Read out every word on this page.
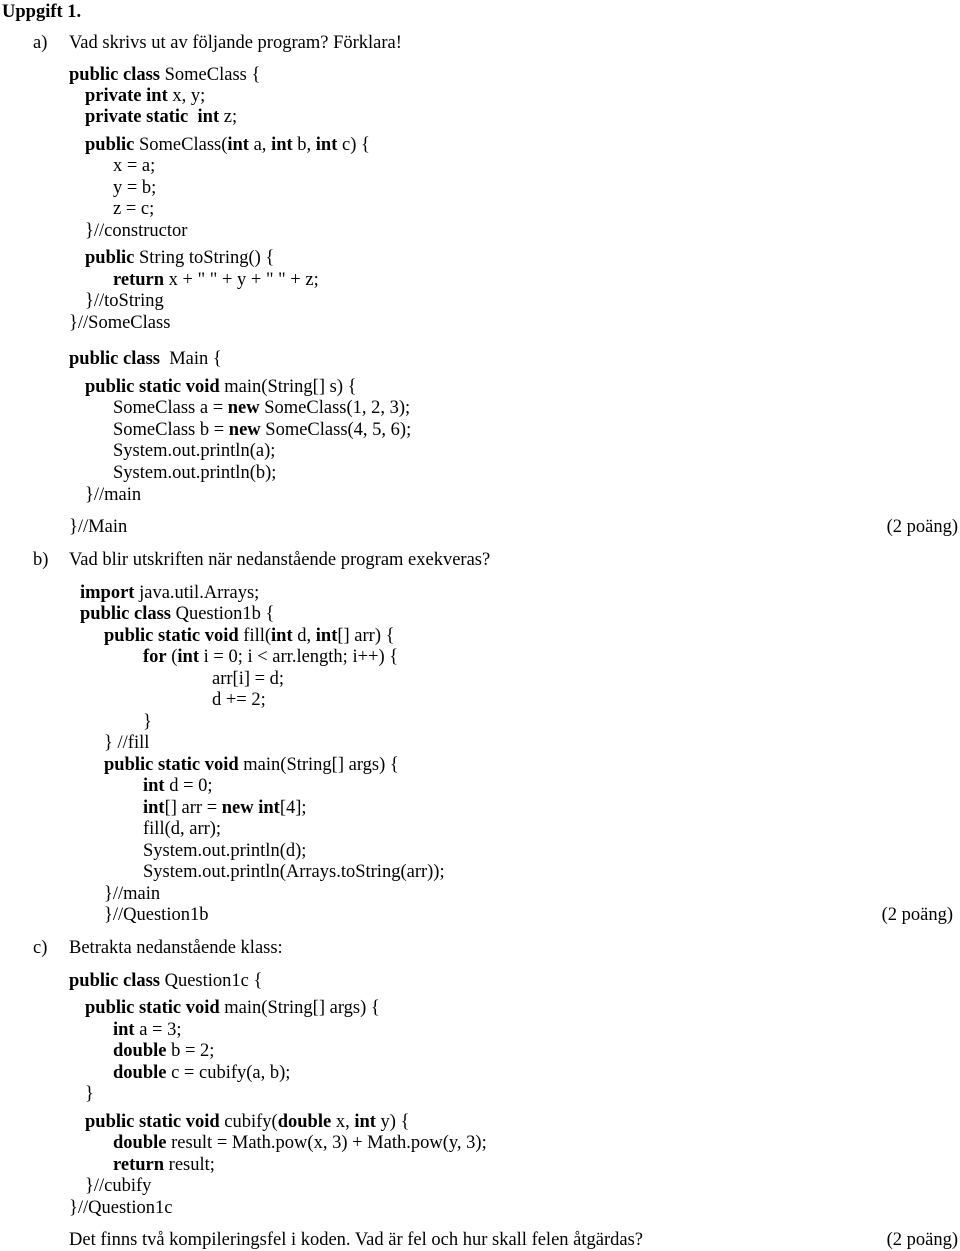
Uppgift 1.
a) Vad skrivs ut av följande program? Förklara!
public class SomeClass {
private int x, y;
private static int z;
public SomeClass(int a, int b, int c) {
x = a;
y = b;
z = c;
}//constructor
public String toString() {
return x + " " + y + " " + z;
}//toString
}//SomeClass
public class  Main {
public static void main(String[] s) {
SomeClass a = new SomeClass(1, 2, 3);
SomeClass b = new SomeClass(4, 5, 6);
System.out.println(a);
System.out.println(b);
}//main
}//Main	(2 poäng)
b) Vad blir utskriften när nedanstående program exekveras?
import java.util.Arrays;
public class Question1b {
public static void fill(int d, int[] arr) {
for (int i = 0; i < arr.length; i++) {
arr[i] = d;
d += 2;
}
} //fill
public static void main(String[] args) {
int d = 0;
int[] arr = new int[4];
fill(d, arr);
System.out.println(d);
System.out.println(Arrays.toString(arr));
}//main
}//Question1b	(2 poäng)
c) Betrakta nedanstående klass:
public class Question1c {
public static void main(String[] args) {
int a = 3;
double b = 2;
double c = cubify(a, b);
}
public static void cubify(double x, int y) {
double result = Math.pow(x, 3) + Math.pow(y, 3);
return result;
}//cubify
}//Question1c
Det finns två kompileringsfel i koden. Vad är fel och hur skall felen åtgärdas?	(2 poäng)
